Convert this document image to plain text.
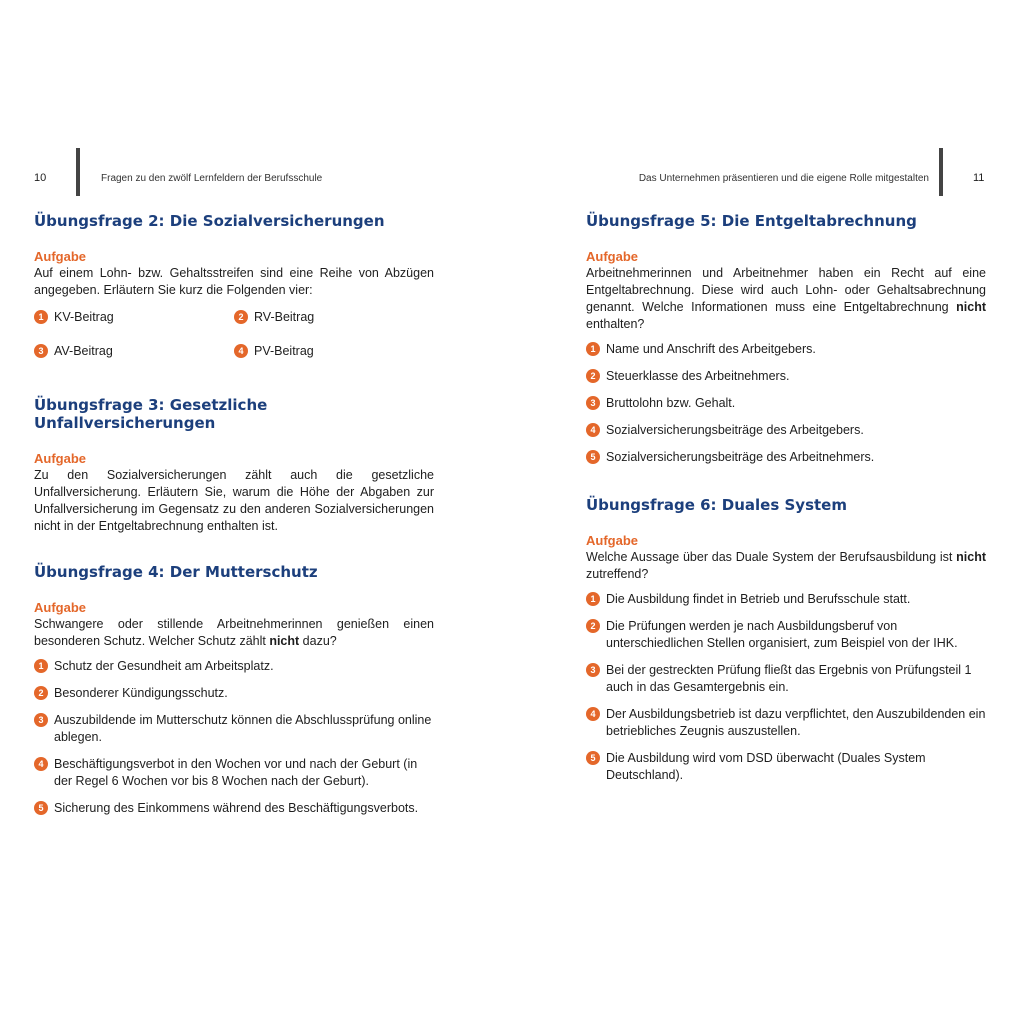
10	Fragen zu den zwölf Lernfeldern der Berufsschule
Übungsfrage 2: Die Sozialversicherungen
Aufgabe
Auf einem Lohn- bzw. Gehaltsstreifen sind eine Reihe von Abzügen angegeben. Erläutern Sie kurz die Folgenden vier:
1 KV-Beitrag	2 RV-Beitrag
3 AV-Beitrag	4 PV-Beitrag
Übungsfrage 3: Gesetzliche Unfallversicherungen
Aufgabe
Zu den Sozialversicherungen zählt auch die gesetzliche Unfallversicherung. Erläutern Sie, warum die Höhe der Abgaben zur Unfallversicherung im Gegensatz zu den anderen Sozialversicherungen nicht in der Entgeltabrechnung enthalten ist.
Übungsfrage 4: Der Mutterschutz
Aufgabe
Schwangere oder stillende Arbeitnehmerinnen genießen einen besonderen Schutz. Welcher Schutz zählt nicht dazu?
1 Schutz der Gesundheit am Arbeitsplatz.
2 Besonderer Kündigungsschutz.
3 Auszubildende im Mutterschutz können die Abschlussprüfung online ablegen.
4 Beschäftigungsverbot in den Wochen vor und nach der Geburt (in der Regel 6 Wochen vor bis 8 Wochen nach der Geburt).
5 Sicherung des Einkommens während des Beschäftigungsverbots.
Das Unternehmen präsentieren und die eigene Rolle mitgestalten	11
Übungsfrage 5: Die Entgeltabrechnung
Aufgabe
Arbeitnehmerinnen und Arbeitnehmer haben ein Recht auf eine Entgeltabrechnung. Diese wird auch Lohn- oder Gehaltsabrechnung genannt. Welche Informationen muss eine Entgeltabrechnung nicht enthalten?
1 Name und Anschrift des Arbeitgebers.
2 Steuerklasse des Arbeitnehmers.
3 Bruttolohn bzw. Gehalt.
4 Sozialversicherungsbeiträge des Arbeitgebers.
5 Sozialversicherungsbeiträge des Arbeitnehmers.
Übungsfrage 6: Duales System
Aufgabe
Welche Aussage über das Duale System der Berufsausbildung ist nicht zutreffend?
1 Die Ausbildung findet in Betrieb und Berufsschule statt.
2 Die Prüfungen werden je nach Ausbildungsberuf von unterschiedlichen Stellen organisiert, zum Beispiel von der IHK.
3 Bei der gestreckten Prüfung fließt das Ergebnis von Prüfungsteil 1 auch in das Gesamtergebnis ein.
4 Der Ausbildungsbetrieb ist dazu verpflichtet, den Auszubildenden ein betriebliches Zeugnis auszustellen.
5 Die Ausbildung wird vom DSD überwacht (Duales System Deutschland).
